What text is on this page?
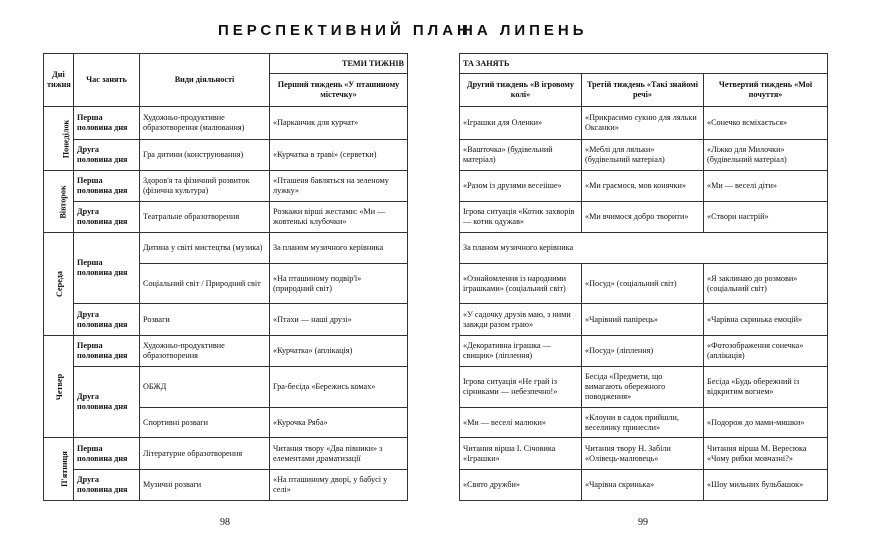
ПЕРСПЕКТИВНИЙ ПЛАН
НА ЛИПЕНЬ
Дні тижня	Час занять	Види діяльності	ТЕМИ ТИЖНІВ
			Перший тиждень «У пташиному містечку»
Понеділок	Перша половина дня	Художньо-продуктивне образотворення (малювання)	«Парканчик для курчат»
	Друга половина дня	Гра дитини (конструювання)	«Курчатка в траві» (серветки)
Вівторок	Перша половина дня	Здоров'я та фізичний розвиток (фізична культура)	«Пташеня бавляться на зеленому лужку»
	Друга половина дня	Театральне образотворення	Розкажи вірші жестами: «Ми — жовтенькі клубочки»
Середа	Перша половина дня	Дитина у світі мистецтва (музика)	За планом музичного керівника
		Соціальний світ / Природний світ	«На пташиному подвір'ї» (природний світ)
	Друга половина дня	Розваги	«Птахи — наші друзі»
Четвер	Перша половина дня	Художньо-продуктивне образотворення	«Курчатка» (аплікація)
	Друга половина дня	ОБЖД	Гра-бесіда «Бережись комах»
		Спортивні розваги	«Курочка Ряба»
П'ятниця	Перша половина дня	Літературне образотворення	Читання твору «Два півники» з елементами драматизації
	Друга половина дня	Музичні розваги	«На пташиному дворі, у бабусі у селі»
ТА ЗАНЯТЬ		
Другий тиждень «В ігровому колі»	Третій тиждень «Такі знайомі речі»	Четвертий тиждень «Мої почуття»
«Іграшки для Оленки»	«Прикрасимо сукню для ляльки Оксанки»	«Сонечко всміхається»
«Вашточка» (будівельний матеріал)	«Меблі для ляльки» (будівельний матеріал)	«Ліжко для Милочки» (будівельний матеріал)
«Разом із друзями весеііше»	«Ми граємося, мов конячки»	«Ми — веселі діти»
Ігрова ситуація «Котик захворів — котик одужав»	«Ми вчимося добро творити»	«Створи настрій»
За планом музичного керівника		
«Ознайомлення із народними іграшками» (соціальний світ)	«Посуд» (соціальний світ)	«Я заклинаю до розмови» (соціальний світ)
«У садочку друзів маю, з ними завжди разом граю»	«Чарівний папірець»	«Чарівна скринька емоцій»
«Декоративна іграшка — свищик» (ліплення)	«Посуд» (ліплення)	«Фотозображення сонечка» (аплікація)
Ігрова ситуація «Не грай із сірниками — небезпечно!»	Бесіда «Предмети, що вимагають обережного поводження»	Бесіда «Будь обережний із відкритим вогнем»
«Ми — веселі малюки»	«Клоуни в садок прийшли, веселинку принесли»	«Подорож до мами-мишки»
Читання вірша І. Січовика «Іграшки»	Читання твору Н. Забіли «Олівець-малювець»	Читання вірша М. Вересюка «Чому рибки мовчазні?»
«Свято дружби»	«Чарівна скринька»	«Шоу мильних бульбашок»
98	99
